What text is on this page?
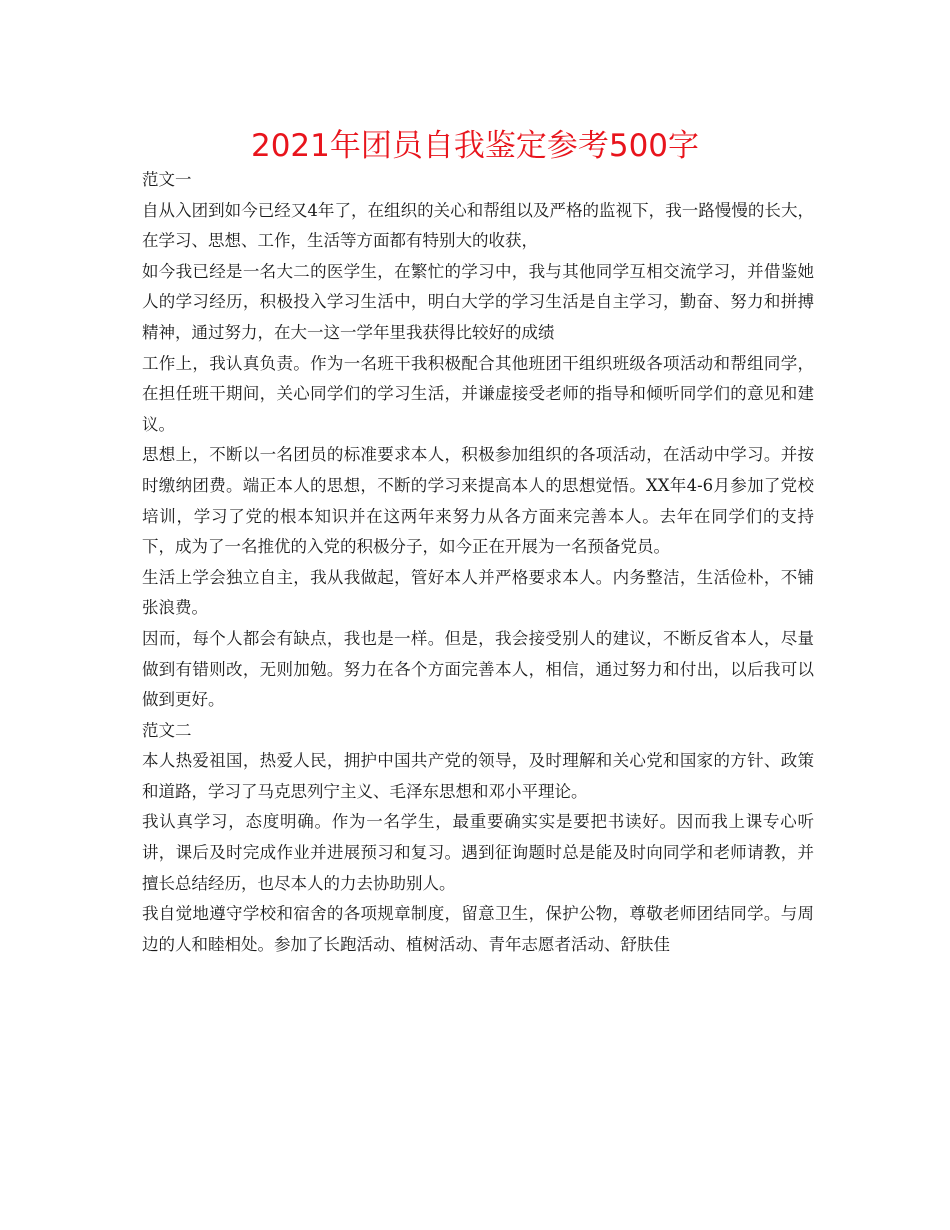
2021年团员自我鉴定参考500字

范文一

自从入团到如今已经又4年了，在组织的关心和帮组以及严格的监视下，我一路慢慢的长大，在学习、思想、工作，生活等方面都有特别大的收获，

如今我已经是一名大二的医学生，在繁忙的学习中，我与其他同学互相交流学习，并借鉴她人的学习经历，积极投入学习生活中，明白大学的学习生活是自主学习，勤奋、努力和拼搏精神，通过努力，在大一这一学年里我获得比较好的成绩

工作上，我认真负责。作为一名班干我积极配合其他班团干组织班级各项活动和帮组同学，在担任班干期间，关心同学们的学习生活，并谦虚接受老师的指导和倾听同学们的意见和建议。

思想上，不断以一名团员的标准要求本人，积极参加组织的各项活动，在活动中学习。并按时缴纳团费。端正本人的思想，不断的学习来提高本人的思想觉悟。XX年4-6月参加了党校培训，学习了党的根本知识并在这两年来努力从各方面来完善本人。去年在同学们的支持下，成为了一名推优的入党的积极分子，如今正在开展为一名预备党员。

生活上学会独立自主，我从我做起，管好本人并严格要求本人。内务整洁，生活俭朴，不铺张浪费。

因而，每个人都会有缺点，我也是一样。但是，我会接受别人的建议，不断反省本人，尽量做到有错则改，无则加勉。努力在各个方面完善本人，相信，通过努力和付出，以后我可以做到更好。

范文二

本人热爱祖国，热爱人民，拥护中国共产党的领导，及时理解和关心党和国家的方针、政策和道路，学习了马克思列宁主义、毛泽东思想和邓小平理论。

我认真学习，态度明确。作为一名学生，最重要确实实是要把书读好。因而我上课专心听讲，课后及时完成作业并进展预习和复习。遇到征询题时总是能及时向同学和老师请教，并擅长总结经历，也尽本人的力去协助别人。

我自觉地遵守学校和宿舍的各项规章制度，留意卫生，保护公物，尊敬老师团结同学。与周边的人和睦相处。参加了长跑活动、植树活动、青年志愿者活动、舒肤佳
